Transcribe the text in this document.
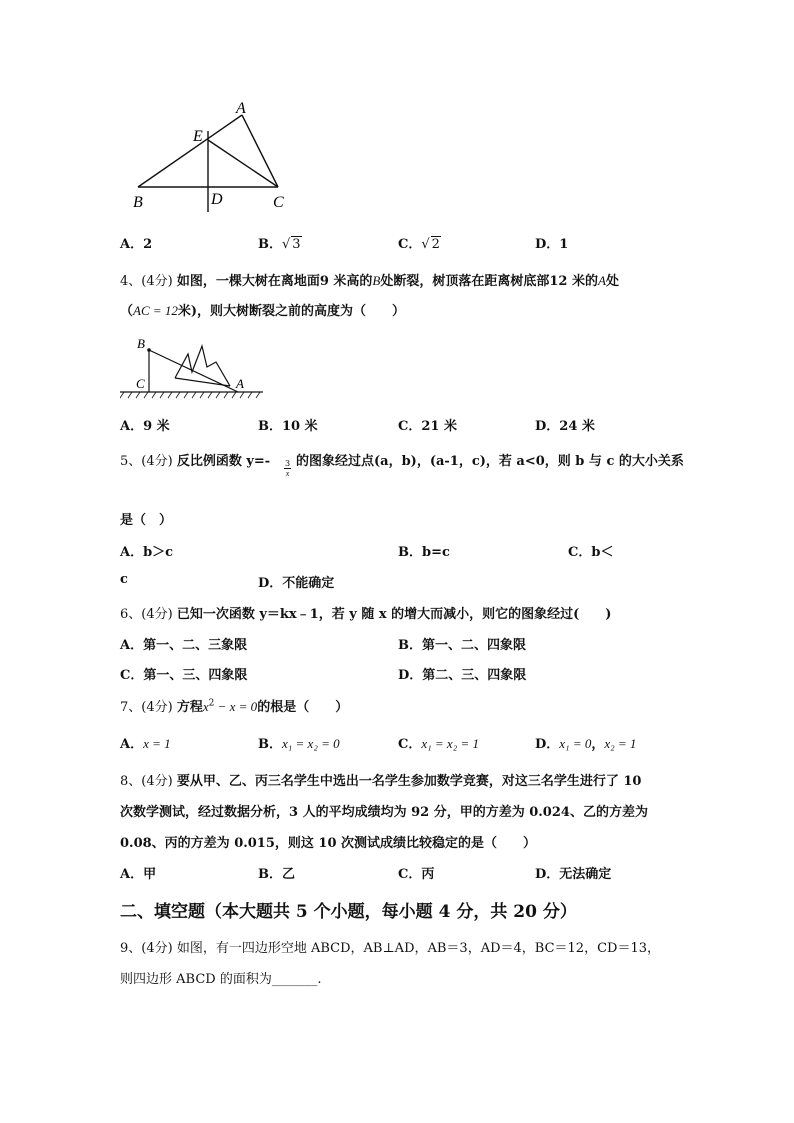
A
E
B	D	C
A．2	B．√ 3	C．√ 2	D．1
4、(4分) 如图，一棵大树在离地面9 米高的B处断裂，树顶落在距离树底部12 米的A处
（AC = 12米)，则大树断裂之前的高度为（　　）
B
C	A
A．9 米	B．10 米	C．21 米	D．24 米
5、(4分) 反比例函数 $y=- \frac{3}{x}$ 的图象经过点(a，b)，(a-1，c)，若 a<0，则 b 与 c 的大小关系
是（　）
A．b＞c	B．b=c	C．b＜
c	D．不能确定
6、(4分) 已知一次函数 y＝kx﹣1，若 y 随 x 的增大而减小，则它的图象经过(　　)
A．第一、二、三象限	B．第一、二、四象限
C．第一、三、四象限	D．第二、三、四象限
7、(4分) 方程$x^2 - x = 0$的根是（　　）
A．x = 1	B．x₁ = x₂ = 0	C．x₁ = x₂ = 1	D．x₁ = 0，x₂ = 1
8、(4分) 要从甲、乙、丙三名学生中选出一名学生参加数学竞赛，对这三名学生进行了 10
次数学测试，经过数据分析，3 人的平均成绩均为 92 分，甲的方差为 0.024、乙的方差为
0.08、丙的方差为 0.015，则这 10 次测试成绩比较稳定的是（　　）
A．甲	B．乙	C．丙	D．无法确定
二、填空题（本大题共 5 个小题，每小题 4 分，共 20 分）
9、(4分) 如图，有一四边形空地 ABCD，AB⊥AD，AB＝3，AD＝4，BC＝12，CD＝13，
则四边形 ABCD 的面积为_______.
